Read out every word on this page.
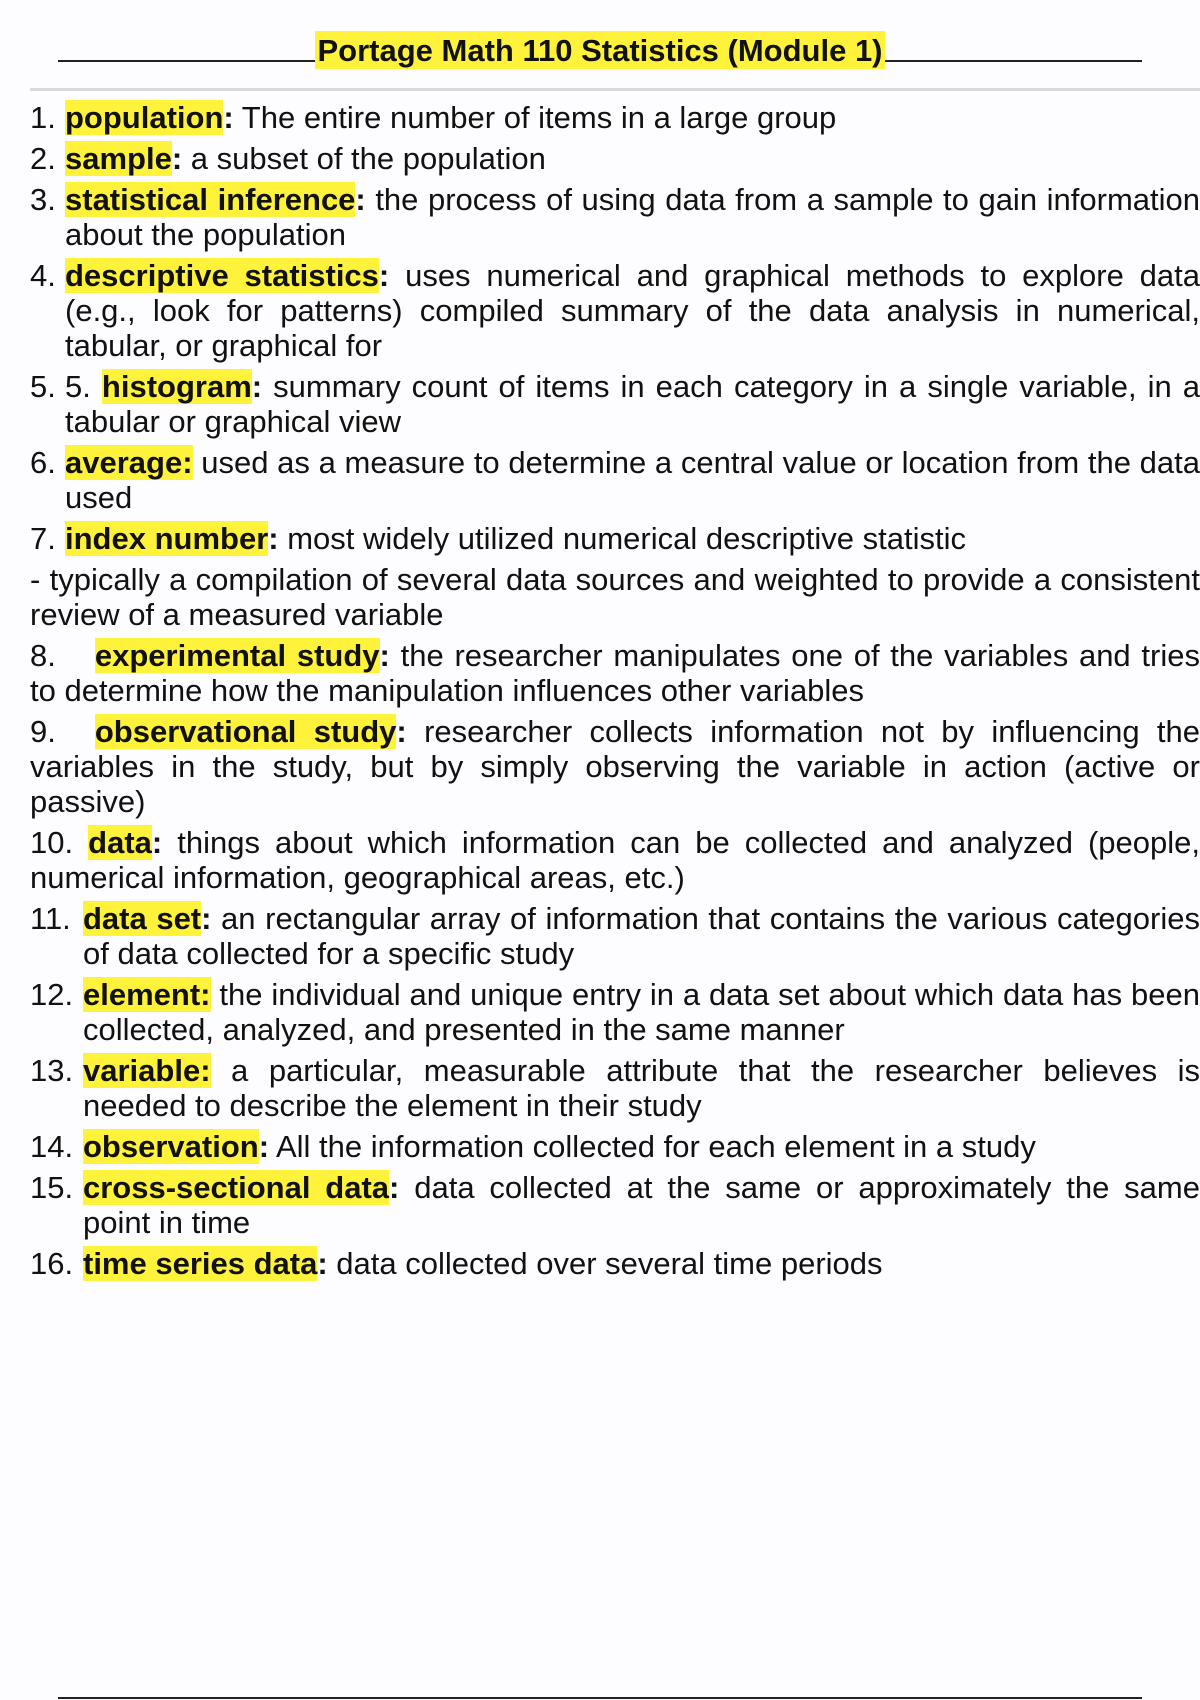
Portage Math 110 Statistics (Module 1)
1. population: The entire number of items in a large group
2. sample: a subset of the population
3. statistical inference: the process of using data from a sample to gain information about the population
4. descriptive statistics: uses numerical and graphical methods to explore data (e.g., look for patterns) compiled summary of the data analysis in numerical, tabular, or graphical for
5. 5. histogram: summary count of items in each category in a single variable, in a tabular or graphical view
6. average: used as a measure to determine a central value or location from the data used
7. index number: most widely utilized numerical descriptive statistic
- typically a compilation of several data sources and weighted to provide a consistent review of a measured variable
8. experimental study: the researcher manipulates one of the variables and tries to determine how the manipulation influences other variables
9. observational study: researcher collects information not by influencing the variables in the study, but by simply observing the variable in action (active or passive)
10. data: things about which information can be collected and analyzed (people, numerical information, geographical areas, etc.)
11. data set: an rectangular array of information that contains the various categories of data collected for a specific study
12. element: the individual and unique entry in a data set about which data has been collected, analyzed, and presented in the same manner
13. variable: a particular, measurable attribute that the researcher believes is needed to describe the element in their study
14. observation: All the information collected for each element in a study
15. cross-sectional data: data collected at the same or approximately the same point in time
16. time series data: data collected over several time periods
